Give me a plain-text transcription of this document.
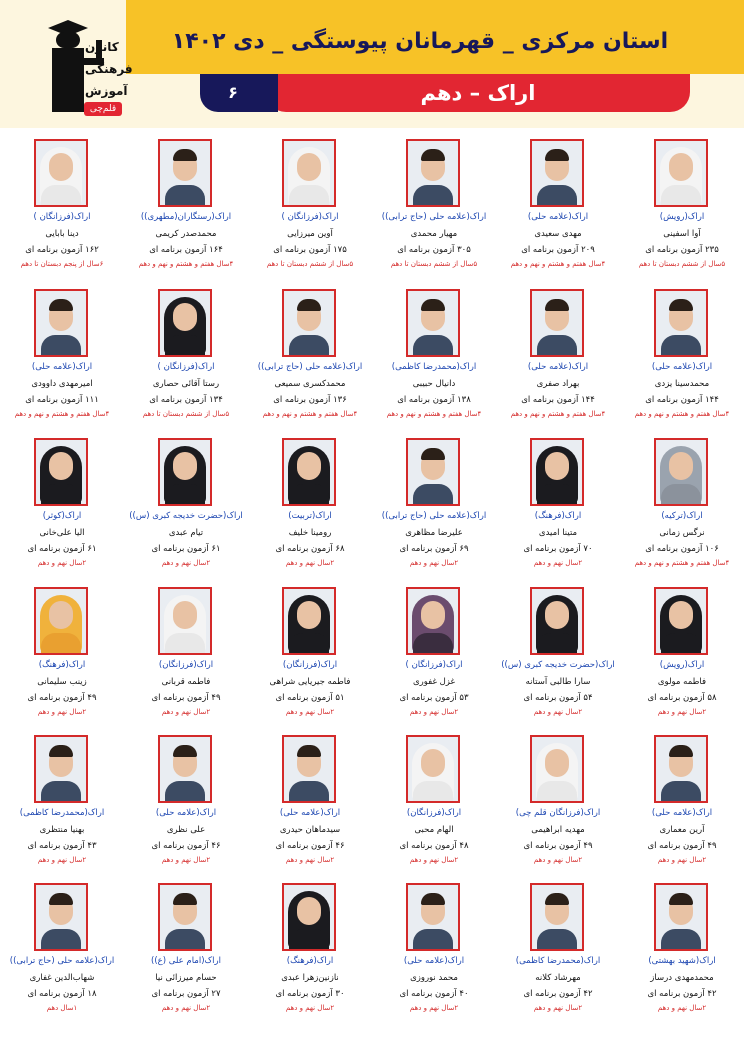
استان مرکزی _ قهرمانان پیوستگی _ دی ۱۴۰۲
اراک – دهم
۶
کانون
فرهنگی
آموزش
قلم‌چی
اراک(رویش)
آوا اسفینی
۲۳۵ آزمون برنامه ای
۵سال از ششم دبستان تا دهم
اراک(علامه حلی)
مهدی سعیدی
۲۰۹ آزمون برنامه ای
۴سال هفتم و هشتم و نهم و دهم
اراک(علامه حلی (حاج ترابی))
مهیار محمدی
۳۰۵ آزمون برنامه ای
۵سال از ششم دبستان تا دهم
اراک(فرزانگان )
آوین میرزایی
۱۷۵ آزمون برنامه ای
۵سال از ششم دبستان تا دهم
اراک(رستگاران(مطهری))
محمدصدر کریمی
۱۶۴ آزمون برنامه ای
۴سال هفتم و هشتم و نهم و دهم
اراک(فرزانگان )
دینا بابایی
۱۶۲ آزمون برنامه ای
۶سال از پنجم دبستان تا دهم
اراک(علامه حلی)
محمدسینا یزدی
۱۴۴ آزمون برنامه ای
۴سال هفتم و هشتم و نهم و دهم
اراک(علامه حلی)
بهراد صفری
۱۴۴ آزمون برنامه ای
۴سال هفتم و هشتم و نهم و دهم
اراک(محمدرضا کاظمی)
دانیال حبیبی
۱۳۸ آزمون برنامه ای
۴سال هفتم و هشتم و نهم و دهم
اراک(علامه حلی (حاج ترابی))
محمدکسری سمیعی
۱۳۶ آزمون برنامه ای
۴سال هفتم و هشتم و نهم و دهم
اراک(فرزانگان )
رستا آقائی حصاری
۱۳۴ آزمون برنامه ای
۵سال از ششم دبستان تا دهم
اراک(علامه حلی)
امیرمهدی داوودی
۱۱۱ آزمون برنامه ای
۴سال هفتم و هشتم و نهم و دهم
اراک(ترکیه)
نرگس زمانی
۱۰۶ آزمون برنامه ای
۴سال هفتم و هشتم و نهم و دهم
اراک(فرهنگ)
متینا امیدی
۷۰ آزمون برنامه ای
۲سال نهم و دهم
اراک(علامه حلی (حاج ترابی))
علیرضا مظاهری
۶۹ آزمون برنامه ای
۲سال نهم و دهم
اراک(تربیت)
رومینا خلیف
۶۸ آزمون برنامه ای
۲سال نهم و دهم
اراک(حضرت خدیجه کبری (س))
تیام عبدی
۶۱ آزمون برنامه ای
۲سال نهم و دهم
اراک(کوثر)
الیا علی‌خانی
۶۱ آزمون برنامه ای
۲سال نهم و دهم
اراک(رویش)
فاطمه مولوی
۵۸ آزمون برنامه ای
۲سال نهم و دهم
اراک(حضرت خدیجه کبری (س))
سارا طالبی آستانه
۵۴ آزمون برنامه ای
۲سال نهم و دهم
اراک(فرزانگان )
غزل غفوری
۵۳ آزمون برنامه ای
۲سال نهم و دهم
اراک(فرزانگان)
فاطمه جیریایی شراهی
۵۱ آزمون برنامه ای
۲سال نهم و دهم
اراک(فرزانگان)
فاطمه قربانی
۴۹ آزمون برنامه ای
۲سال نهم و دهم
اراک(فرهنگ)
زینب سلیمانی
۴۹ آزمون برنامه ای
۲سال نهم و دهم
اراک(علامه حلی)
آرین معماری
۴۹ آزمون برنامه ای
۲سال نهم و دهم
اراک(فرزانگان قلم چی)
مهدیه ابراهیمی
۴۹ آزمون برنامه ای
۲سال نهم و دهم
اراک(فرزانگان)
الهام محبی
۴۸ آزمون برنامه ای
۲سال نهم و دهم
اراک(علامه حلی)
سیدماهان حیدری
۴۶ آزمون برنامه ای
۲سال نهم و دهم
اراک(علامه حلی)
علی نظری
۴۶ آزمون برنامه ای
۲سال نهم و دهم
اراک(محمدرضا کاظمی)
بهنیا منتظری
۴۳ آزمون برنامه ای
۲سال نهم و دهم
اراک(شهید بهشتی)
محمدمهدی درساز
۴۲ آزمون برنامه ای
۲سال نهم و دهم
اراک(محمدرضا کاظمی)
مهرشاد کلانه
۴۲ آزمون برنامه ای
۲سال نهم و دهم
اراک(علامه حلی)
محمد نوروزی
۴۰ آزمون برنامه ای
۲سال نهم و دهم
اراک(فرهنگ)
نازنین‌زهرا عبدی
۳۰ آزمون برنامه ای
۲سال نهم و دهم
اراک(امام علی (ع))
حسام میرزائی نیا
۲۷ آزمون برنامه ای
۲سال نهم و دهم
اراک(علامه حلی (حاج ترابی))
شهاب‌الدین غفاری
۱۸ آزمون برنامه ای
۱سال دهم
